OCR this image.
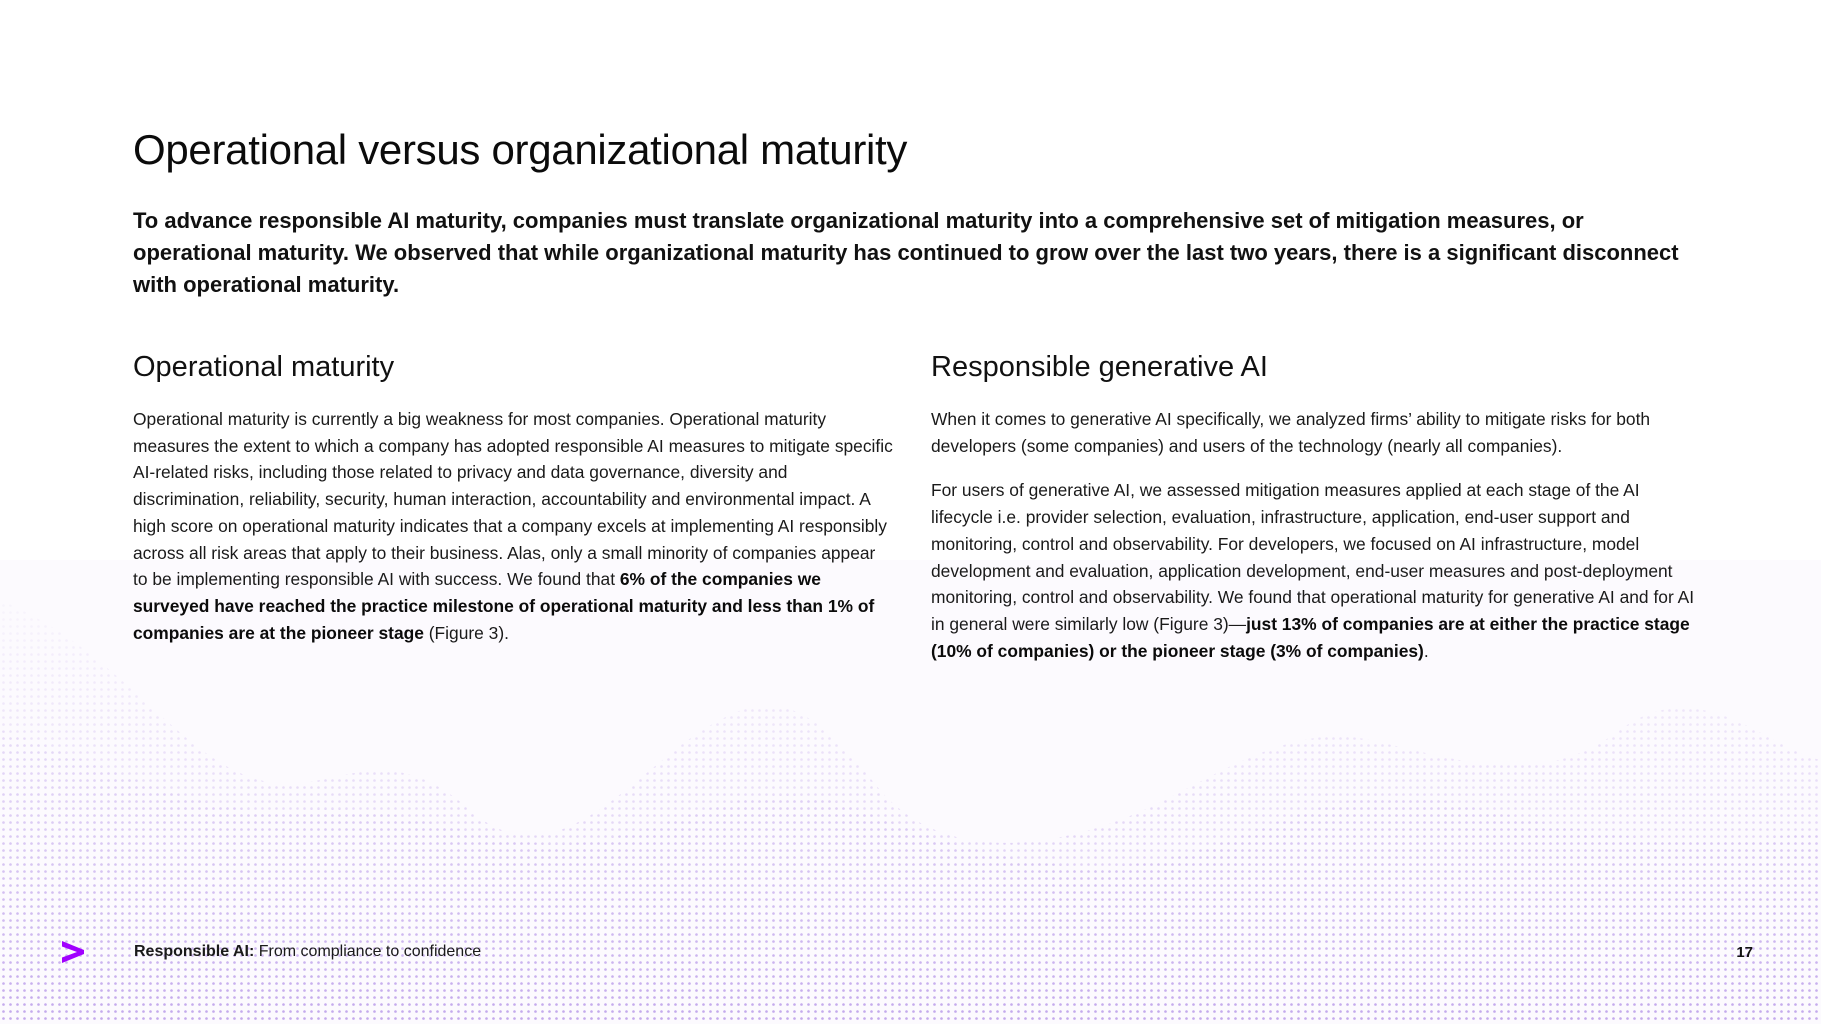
Operational versus organizational maturity

To advance responsible AI maturity, companies must translate organizational maturity into a comprehensive set of mitigation measures, or operational maturity. We observed that while organizational maturity has continued to grow over the last two years, there is a significant disconnect with operational maturity.

Operational maturity

Operational maturity is currently a big weakness for most companies. Operational maturity measures the extent to which a company has adopted responsible AI measures to mitigate specific AI-related risks, including those related to privacy and data governance, diversity and discrimination, reliability, security, human interaction, accountability and environmental impact. A high score on operational maturity indicates that a company excels at implementing AI responsibly across all risk areas that apply to their business. Alas, only a small minority of companies appear to be implementing responsible AI with success. We found that 6% of the companies we surveyed have reached the practice milestone of operational maturity and less than 1% of companies are at the pioneer stage (Figure 3).

Responsible generative AI

When it comes to generative AI specifically, we analyzed firms’ ability to mitigate risks for both developers (some companies) and users of the technology (nearly all companies).

For users of generative AI, we assessed mitigation measures applied at each stage of the AI lifecycle i.e. provider selection, evaluation, infrastructure, application, end-user support and monitoring, control and observability. For developers, we focused on AI infrastructure, model development and evaluation, application development, end-user measures and post-deployment monitoring, control and observability. We found that operational maturity for generative AI and for AI in general were similarly low (Figure 3)—just 13% of companies are at either the practice stage (10% of companies) or the pioneer stage (3% of companies).

Responsible AI: From compliance to confidence	17
